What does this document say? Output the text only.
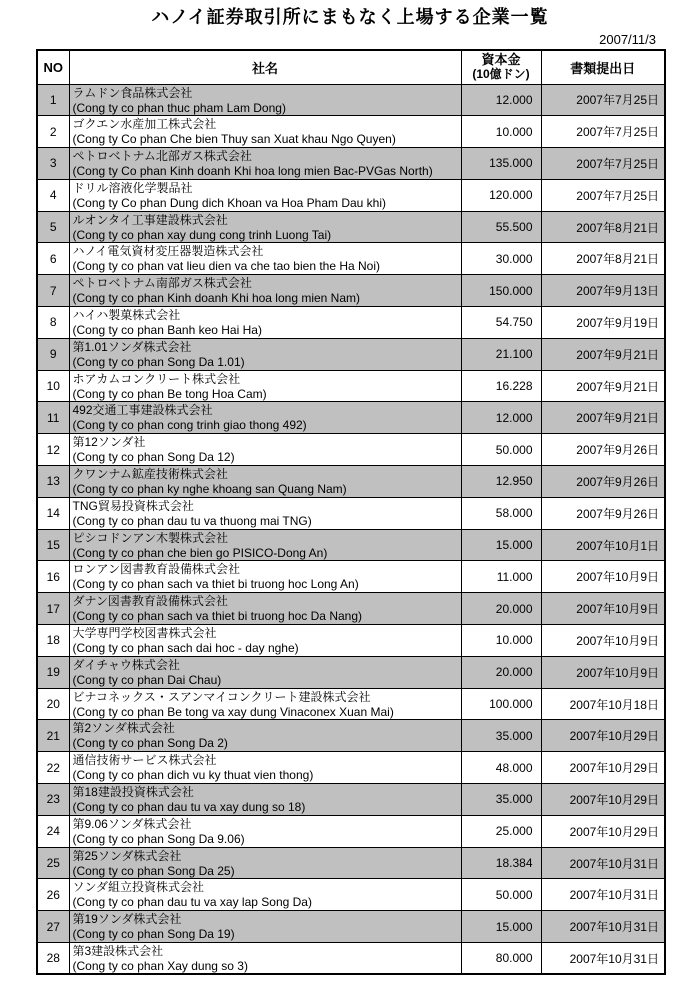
ハノイ証券取引所にまもなく上場する企業一覧
2007/11/3
NO	社名	資本金
(10億ドン)	書類提出日
1	ラムドン食品株式会社
(Cong ty co phan thuc pham Lam Dong)	12.000	2007年7月25日
2	ゴクエン水産加工株式会社
(Cong ty Co phan Che bien Thuy san Xuat khau Ngo Quyen)	10.000	2007年7月25日
3	ペトロベトナム北部ガス株式会社
(Cong ty Co phan Kinh doanh Khi hoa long mien Bac-PVGas North)	135.000	2007年7月25日
4	ドリル溶液化学製品社
(Cong ty Co phan Dung dich Khoan va Hoa Pham Dau khi)	120.000	2007年7月25日
5	ルオンタイ工事建設株式会社
(Cong ty co phan xay dung cong trinh Luong Tai)	55.500	2007年8月21日
6	ハノイ電気資材変圧器製造株式会社
(Cong ty co phan vat lieu dien va che tao bien the Ha Noi)	30.000	2007年8月21日
7	ペトロベトナム南部ガス株式会社
(Cong ty co phan Kinh doanh Khi hoa long mien Nam)	150.000	2007年9月13日
8	ハイハ製菓株式会社
(Cong ty co phan Banh keo Hai Ha)	54.750	2007年9月19日
9	第1.01ソンダ株式会社
(Cong ty co phan Song Da 1.01)	21.100	2007年9月21日
10	ホアカムコンクリート株式会社
(Cong ty co phan Be tong Hoa Cam)	16.228	2007年9月21日
11	492交通工事建設株式会社
(Cong ty co phan cong trinh giao thong 492)	12.000	2007年9月21日
12	第12ソンダ社
(Cong ty co phan Song Da 12)	50.000	2007年9月26日
13	クワンナム鉱産技術株式会社
(Cong ty co phan ky nghe khoang san Quang Nam)	12.950	2007年9月26日
14	TNG貿易投資株式会社
(Cong ty co phan dau tu va thuong mai TNG)	58.000	2007年9月26日
15	ピシコドンアン木製株式会社
(Cong ty co phan che bien go PISICO-Dong An)	15.000	2007年10月1日
16	ロンアン図書教育設備株式会社
(Cong ty co phan sach va thiet bi truong hoc Long An)	11.000	2007年10月9日
17	ダナン図書教育設備株式会社
(Cong ty co phan sach va thiet bi truong hoc Da Nang)	20.000	2007年10月9日
18	大学専門学校図書株式会社
(Cong ty co phan sach dai hoc - day nghe)	10.000	2007年10月9日
19	ダイチャウ株式会社
(Cong ty co phan Dai Chau)	20.000	2007年10月9日
20	ビナコネックス・スアンマイコンクリート建設株式会社
(Cong ty co phan Be tong va xay dung Vinaconex Xuan Mai)	100.000	2007年10月18日
21	第2ソンダ株式会社
(Cong ty co phan Song Da 2)	35.000	2007年10月29日
22	通信技術サービス株式会社
(Cong ty co phan dich vu ky thuat vien thong)	48.000	2007年10月29日
23	第18建設投資株式会社
(Cong ty co phan dau tu va xay dung so 18)	35.000	2007年10月29日
24	第9.06ソンダ株式会社
(Cong ty co phan Song Da 9.06)	25.000	2007年10月29日
25	第25ソンダ株式会社
(Cong ty co phan Song Da 25)	18.384	2007年10月31日
26	ソンダ組立投資株式会社
(Cong ty co phan dau tu va xay lap Song Da)	50.000	2007年10月31日
27	第19ソンダ株式会社
(Cong ty co phan Song Da 19)	15.000	2007年10月31日
28	第3建設株式会社
(Cong ty co phan Xay dung so 3)	80.000	2007年10月31日
